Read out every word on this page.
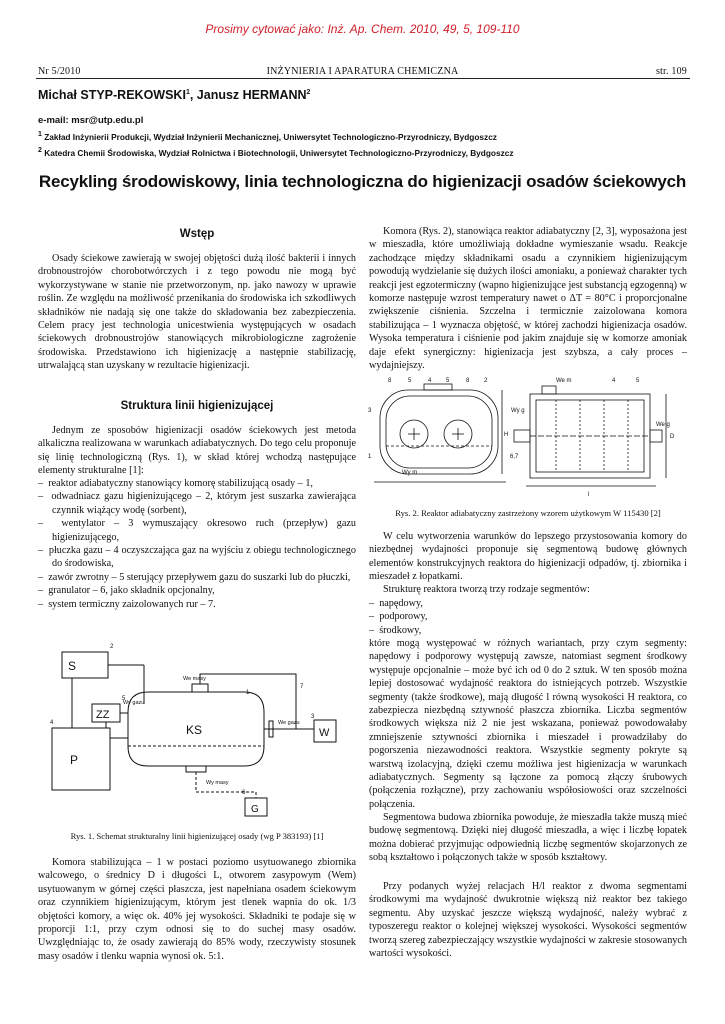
Prosimy cytować jako: Inż. Ap. Chem. 2010, 49, 5, 109-110
Nr 5/2010	INŻYNIERIA I APARATURA CHEMICZNA	str. 109
Michał STYP-REKOWSKI$^1$, Janusz HERMANN$^2$
e-mail: msr@utp.edu.pl
$^1$ Zakład Inżynierii Produkcji, Wydział Inżynierii Mechanicznej, Uniwersytet Technologiczno-Przyrodniczy, Bydgoszcz
$^2$ Katedra Chemii Środowiska, Wydział Rolnictwa i Biotechnologii, Uniwersytet Technologiczno-Przyrodniczy, Bydgoszcz
Recykling środowiskowy, linia technologiczna do higienizacji osadów ściekowych
Wstęp
Osady ściekowe zawierają w swojej objętości dużą ilość bakterii i innych drobnoustrojów chorobotwórczych i z tego powodu nie mogą być wykorzystywane w stanie nie przetworzonym, np. jako nawozy w uprawie roślin. Ze względu na możliwość przenikania do środowiska ich szkodliwych składników nie nadają się one także do składowania bez zabezpieczenia. Celem pracy jest technologia unicestwienia występujących w osadach ściekowych drobnoustrojów stanowiących mikrobiologiczne zagrożenie środowiska. Przedstawiono ich higienizację a następnie stabilizację, utrwalającą stan uzyskany w rezultacie higienizacji.
Struktura linii higienizującej
Jednym ze sposobów higienizacji osadów ściekowych jest metoda alkaliczna realizowana w warunkach adiabatycznych. Do tego celu proponuje się linię technologiczną (Rys. 1), w skład której wchodzą następujące elementy strukturalne [1]:
–  reaktor adiabatyczny stanowiący komorę stabilizującą osady – 1,
–  odwadniacz gazu higienizującego – 2, którym jest suszarka zawierająca czynnik wiążący wodę (sorbent),
–  wentylator – 3 wymuszający okresowo ruch (przepływ) gazu higienizującego,
–  płuczka gazu – 4 oczyszczająca gaz na wyjściu z obiegu technologicznego do środowiska,
–  zawór zwrotny – 5 sterujący przepływem gazu do suszarki lub do płuczki,
–  granulator – 6, jako składnik opcjonalny,
–  system termiczny zaizolowanych rur – 7.
1
2
3
4
5
6
7
S
ZZ
KS
P
W
G
We masy
Wy gazu
We gazu
Wy masy
Rys. 1. Schemat strukturalny linii higienizującej osady (wg P 383193) [1]
Komora stabilizująca – 1 w postaci poziomo usytuowanego zbiornika walcowego, o średnicy D i długości L, otworem zasypowym (Wem) usytuowanym w górnej części płaszcza, jest napełniana osadem ściekowym oraz czynnikiem higienizującym, którym jest tlenek wapnia do ok. 1/3 objętości komory, a więc ok. 40% jej wysokości. Składniki te podaje się w proporcji 1:1, przy czym odnosi się to do suchej masy osadów. Uwzględniając to, że osady zawierają do 85% wody, rzeczywisty stosunek masy osadów i tlenku wapnia wynosi ok. 5:1.
Komora (Rys. 2), stanowiąca reaktor adiabatyczny [2, 3], wyposażona jest w mieszadła, które umożliwiają dokładne wymieszanie wsadu. Reakcje zachodzące między składnikami osadu a czynnikiem higienizującym powodują wydzielanie się dużych ilości amoniaku, a ponieważ charakter tych reakcji jest egzotermiczny (wapno higienizujące jest substancją egzogenną) w komorze następuje wzrost temperatury nawet o ΔT = 80°C i proporcjonalne zwiększenie ciśnienia. Szczelna i termicznie zaizolowana komora stabilizująca – 1 wyznacza objętość, w której zachodzi higienizacja osadów. Wysoka temperatura i ciśnienie pod jakim znajduje się w komorze amoniak daje efekt synergiczny: higienizacja jest szybsza, a cały proces – wydajniejszy.
8	5	4 5	8 2	4	5
3
1	6,7
We m
Wy g
We g
Wy m
H
l
D
Rys. 2. Reaktor adiabatyczny zastrzeżony wzorem użytkowym W 115430 [2]
W celu wytworzenia warunków do lepszego przystosowania komory do niezbędnej wydajności proponuje się segmentową budowę głównych elementów konstrukcyjnych reaktora do higienizacji odpadów, tj. zbiornika i mieszadeł z łopatkami.
Strukturę reaktora tworzą trzy rodzaje segmentów:
–  napędowy,
–  podporowy,
–  środkowy,
które mogą występować w różnych wariantach, przy czym segmenty: napędowy i podporowy występują zawsze, natomiast segment środkowy występuje opcjonalnie – może być ich od 0 do 2 sztuk. W ten sposób można lepiej dostosować wydajność reaktora do istniejących potrzeb. Wszystkie segmenty (także środkowe), mają długość l równą wysokości H reaktora, co zabezpiecza niezbędną sztywność płaszcza zbiornika. Liczba segmentów środkowych większa niż 2 nie jest wskazana, ponieważ powodowałaby zmniejszenie sztywności zbiornika i mieszadeł i prowadziłaby do pogorszenia niezawodności reaktora. Wszystkie segmenty pokryte są warstwą izolacyjną, dzięki czemu możliwa jest higienizacja w warunkach adiabatycznych. Segmenty są łączone za pomocą złączy śrubowych (połączenia rozłączne), przy zachowaniu współosiowości oraz szczelności połączenia.
Segmentowa budowa zbiornika powoduje, że mieszadła także muszą mieć budowę segmentową. Dzięki niej długość mieszadła, a więc i liczbę łopatek można dobierać przyjmując odpowiednią liczbę segmentów skojarzonych ze sobą kształtowo i połączonych także w sposób kształtowy.
Przy podanych wyżej relacjach H/l reaktor z dwoma segmentami środkowymi ma wydajność dwukrotnie większą niż reaktor bez takiego segmentu. Aby uzyskać jeszcze większą wydajność, należy wybrać z typoszeregu reaktor o kolejnej większej wysokości. Wysokości segmentów tworzą szereg zabezpieczający wszystkie wydajności w zakresie stosowanych wartości wysokości.
